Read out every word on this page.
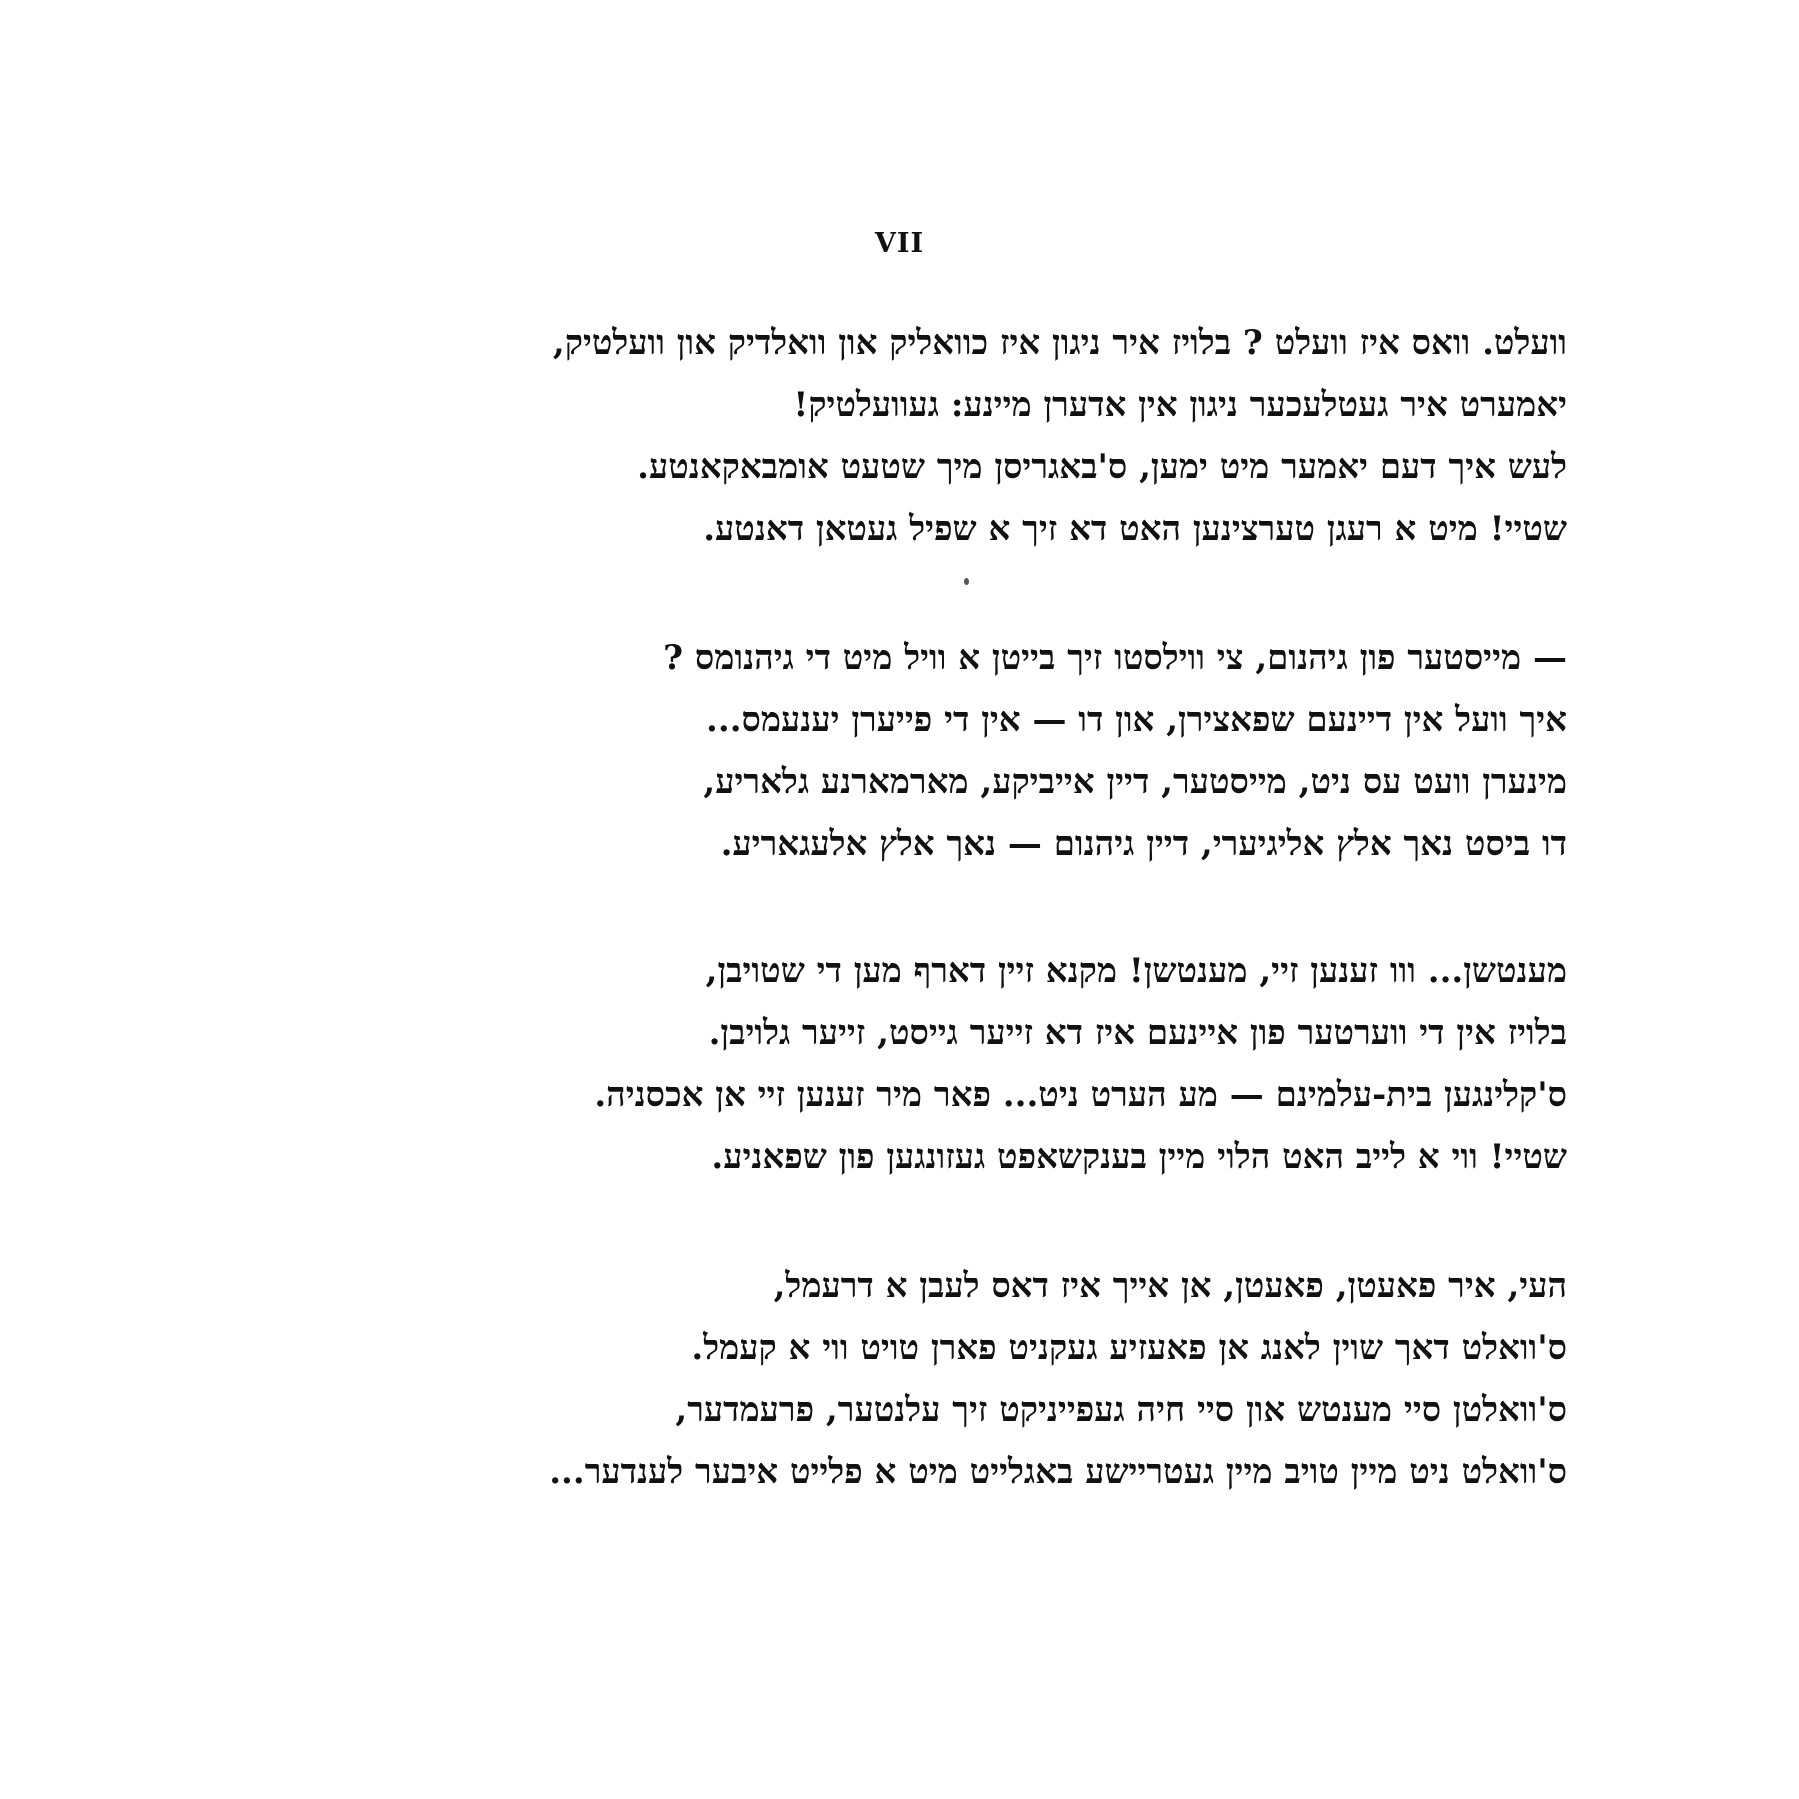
VII
וועלט. וואס איז וועלט ? בלויז איר ניגון איז כוואליק און וואלדיק און וועלטיק,
יאמערט איר געטלעכער ניגון אין אדערן מיינע: געוועלטיק!
לעש איך דעם יאמער מיט ימען, ס'באגריסן מיך שטעט אומבאקאנטע.
שטיי! מיט א רעגן טערצינען האט דא זיך א שפיל געטאן דאנטע.
— מייסטער פון גיהנום, צי ווילסטו זיך בייטן א וויל מיט די גיהנומס ?
איך וועל אין דיינעם שפאצירן, און דו — אין די פייערן יענעמס...
מינערן וועט עס ניט, מייסטער, דיין אייביקע, מארמארנע גלאריע,
דו ביסט נאך אלץ אליגיערי, דיין גיהנום — נאך אלץ אלעגאריע.
מענטשן... ווו זענען זיי, מענטשן! מקנא זיין דארף מען די שטויבן,
בלויז אין די ווערטער פון איינעם איז דא זייער גייסט, זייער גלויבן.
ס'קלינגען בית-עלמינם — מע הערט ניט... פאר מיר זענען זיי אן אכסניה.
שטיי! ווי א לייב האט הלוי מיין בענקשאפט געזונגען פון שפאניע.
העי, איר פאעטן, פאעטן, אן אייך איז דאס לעבן א דרעמל,
ס'וואלט דאך שוין לאנג אן פאעזיע געקניט פארן טויט ווי א קעמל.
ס'וואלטן סיי מענטש און סיי חיה געפייניקט זיך עלנטער, פרעמדער,
ס'וואלט ניט מיין טויב מיין געטריישע באגלייט מיט א פלייט איבער לענדער...
